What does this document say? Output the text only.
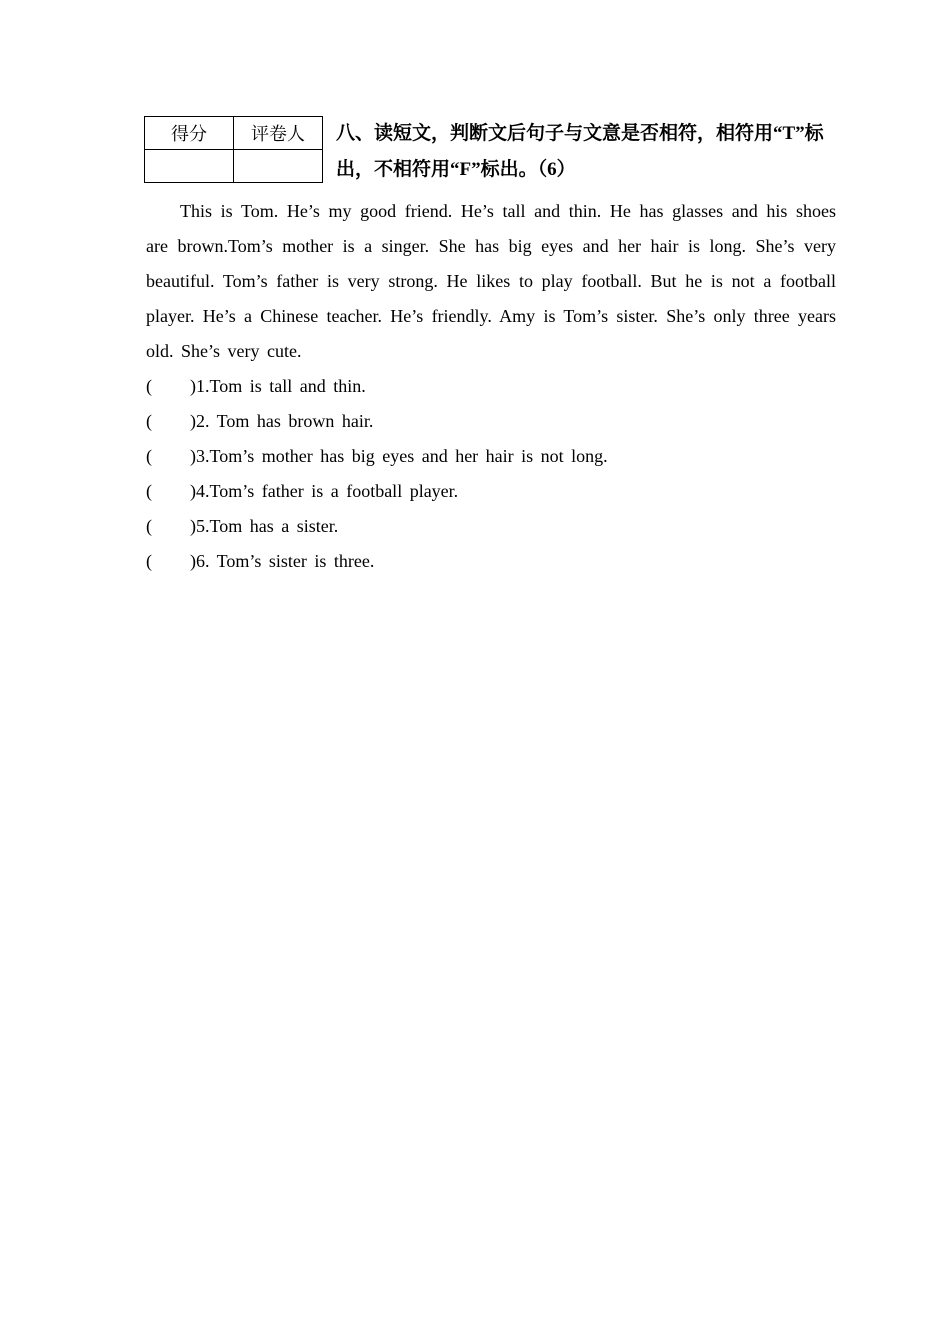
得分	评卷人
	八、读短文，判断文后句子与文意是否相符，相符用“T”标出，不相符用“F”标出。（6）
This is Tom. He’s my good friend. He’s tall and thin. He has glasses and his shoes are brown.Tom’s mother is a singer. She has big eyes and her hair is long. She’s very beautiful. Tom’s father is very strong. He likes to play football. But he is not a football player. He’s a Chinese teacher. He’s friendly. Amy is Tom’s sister. She’s only three years old. She’s very cute.
( )1.Tom is tall and thin.
( )2. Tom has brown hair.
( )3.Tom’s mother has big eyes and her hair is not long.
( )4.Tom’s father is a football player.
( )5.Tom has a sister.
( )6. Tom’s sister is three.
